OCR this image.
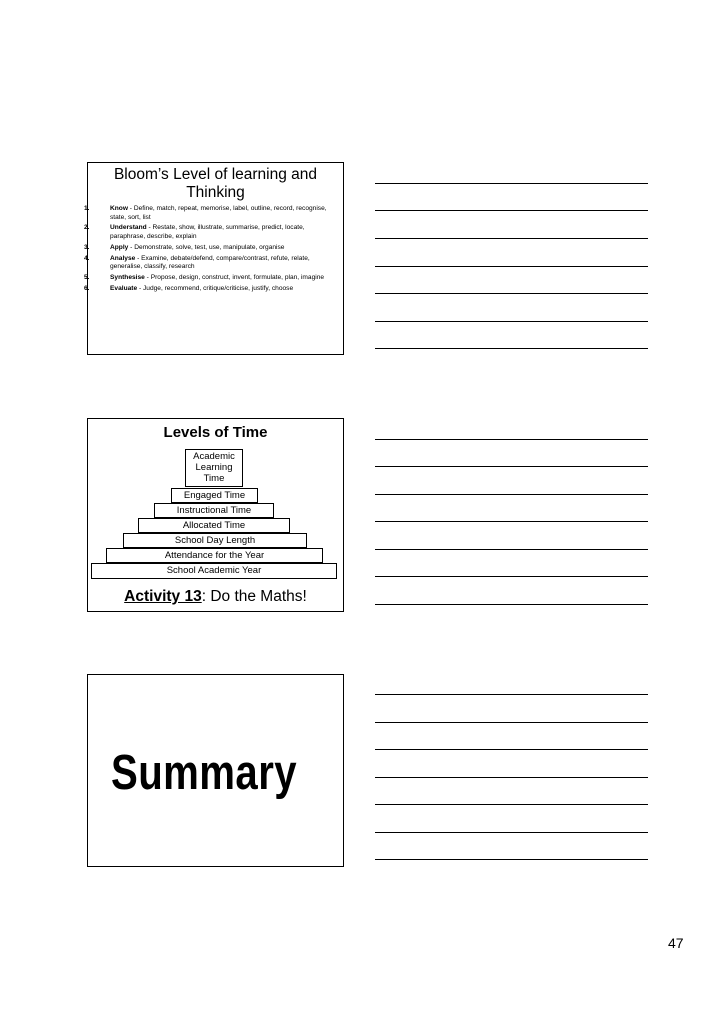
Bloom’s Level of learning and Thinking
1.	Know - Define, match, repeat, memorise, label, outline, record, recognise, state, sort, list
2.	Understand - Restate, show, illustrate, summarise, predict, locate, paraphrase, describe, explain
3.	Apply - Demonstrate, solve, test, use, manipulate, organise
4.	Analyse - Examine, debate/defend, compare/contrast, refute, relate, generalise, classify, research
5.	Synthesise - Propose, design, construct, invent, formulate, plan, imagine
6.	Evaluate - Judge, recommend, critique/criticise, justify, choose
Levels of Time
Academic Learning Time
Engaged Time
Instructional Time
Allocated Time
School Day Length
Attendance for the Year
School Academic Year
Activity 13: Do the Maths!
Summary
47
